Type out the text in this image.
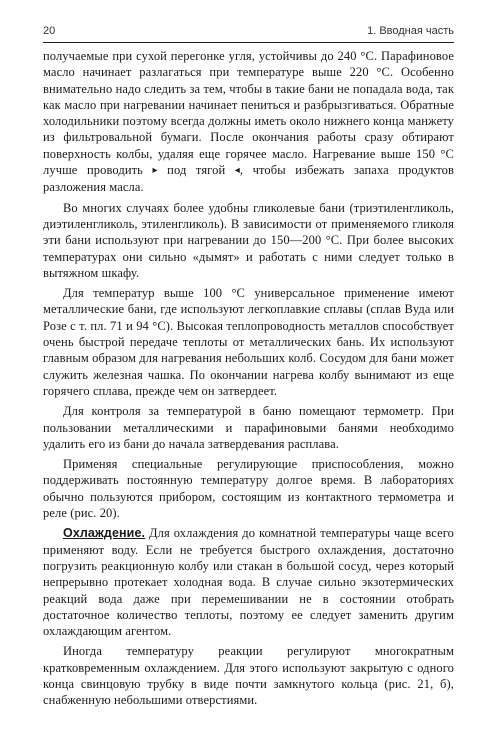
20	1. Вводная часть

получаемые при сухой перегонке угля, устойчивы до 240 °С. Парафиновое масло начинает разлагаться при температуре выше 220 °С. Особенно внимательно надо следить за тем, чтобы в такие бани не попадала вода, так как масло при нагревании начинает пениться и разбрызгиваться. Обратные холодильники поэтому всегда должны иметь около нижнего конца манжету из фильтровальной бумаги. После окончания работы сразу обтирают поверхность колбы, удаляя еще горячее масло. Нагревание выше 150 °С лучше проводить ▸ под тягой ◂, чтобы избежать запаха продуктов разложения масла.

Во многих случаях более удобны гликолевые бани (триэтиленгликоль, диэтиленгликоль, этиленгликоль). В зависимости от применяемого гликоля эти бани используют при нагревании до 150—200 °С. При более высоких температурах они сильно «дымят» и работать с ними следует только в вытяжном шкафу.

Для температур выше 100 °С универсальное применение имеют металлические бани, где используют легкоплавкие сплавы (сплав Вуда или Розе с т. пл. 71 и 94 °С). Высокая теплопроводность металлов способствует очень быстрой передаче теплоты от металлических бань. Их используют главным образом для нагревания небольших колб. Сосудом для бани может служить железная чашка. По окончании нагрева колбу вынимают из еще горячего сплава, прежде чем он затвердеет.

Для контроля за температурой в баню помещают термометр. При пользовании металлическими и парафиновыми банями необходимо удалить его из бани до начала затвердевания расплава.

Применяя специальные регулирующие приспособления, можно поддерживать постоянную температуру долгое время. В лабораториях обычно пользуются прибором, состоящим из контактного термометра и реле (рис. 20).

Охлаждение. Для охлаждения до комнатной температуры чаще всего применяют воду. Если не требуется быстрого охлаждения, достаточно погрузить реакционную колбу или стакан в большой сосуд, через который непрерывно протекает холодная вода. В случае сильно экзотермических реакций вода даже при перемешивании не в состоянии отобрать достаточное количество теплоты, поэтому ее следует заменить другим охлаждающим агентом.

Иногда температуру реакции регулируют многократным кратковременным охлаждением. Для этого используют закрытую с одного конца свинцовую трубку в виде почти замкнутого кольца (рис. 21, б), снабженную небольшими отверстиями.
